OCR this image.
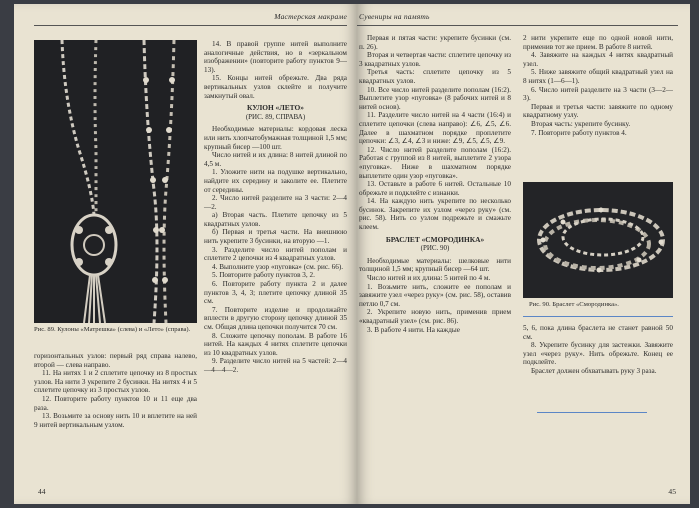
Мастерская макраме
Рис. 89. Кулоны «Матрешка» (слева) и «Лето» (справа).

горизонтальных узлов: первый ряд справа налево, второй — слева направо.

11. На нитях 1 и 2 сплетите цепочку из 8 простых узлов. На нити 3 укрепите 2 бусинки. На нитях 4 и 5 сплетите цепочку из 3 простых узлов.

12. Повторите работу пунктов 10 и 11 еще два раза.

13. Возьмите за основу нить 10 и вплетите на ней 9 нитей вертикальным узлом.

14. В правой группе нитей выполните аналогичные действия, но в «зеркальном изображении» (повторите работу пунктов 9—13).

15. Концы нитей обрежьте. Два ряда вертикальных узлов склейте и получите замкнутый овал.

КУЛОН «ЛЕТО»

(РИС. 89, СПРАВА)

Необходимые материалы: кордовая леска или нить хлопчатобумажная толщиной 1,5 мм; крупный бисер —100 шт.

Число нитей и их длина: 8 нитей длиной по 4,5 м.

1. Уложите нити на подушке вертикально, найдите их середину и заколите ее. Плетите от середины.

2. Число нитей разделите на 3 части: 2—4—2.

а) Вторая часть. Плетите цепочку из 5 квадратных узлов.

б) Первая и третья части. На внешнюю нить укрепите 3 бусинки, на вторую —1.

3. Разделите число нитей пополам и сплетите 2 цепочки из 4 квадратных узлов.

4. Выполните узор «пуговка» (см. рис. 66).

5. Повторите работу пунктов 3, 2.

6. Повторите работу пункта 2 и далее пунктов 3, 4, 3; плетите цепочку длиной 35 см.

7. Повторите изделие и продолжайте вплести в другую сторону цепочку длиной 35 см. Общая длина цепочки получится 70 см.

8. Сложите цепочку пополам. В работе 16 нитей. На каждых 4 нитях сплетите цепочки из 10 квадратных узлов.

9. Разделите число нитей на 5 частей: 2—4—4—4—2.

44
Сувениры на память

Первая и пятая части: укрепите бусинки (см. п. 26).

Вторая и четвертая части: сплетите цепочку из 3 квадратных узлов.

Третья часть: сплетите цепочку из 5 квадратных узлов.

10. Все число нитей разделите пополам (16:2). Выплетите узор «пуговка» (8 рабочих нитей и 8 нитей основ).

11. Разделите число нитей на 4 части (16:4) и сплетите цепочки (слева направо): ∠6, ∠5, ∠6. Далее в шахматном порядке проплетите цепочки: ∠3, ∠4, ∠3 и ниже: ∠9, ∠5, ∠5, ∠9.

12. Число нитей разделите пополам (16:2). Работая с группой из 8 нитей, выплетите 2 узора «пуговка». Ниже в шахматном порядке выплетите один узор «пуговка».

13. Оставьте в работе 6 нитей. Остальные 10 обрежьте и подклейте с изнанки.

14. На каждую нить укрепите по несколько бусинок. Закрепите их узлом «через руку» (см. рис. 58). Нить со узлом подрежьте и смажьте клеем.

БРАСЛЕТ «СМОРОДИНКА»

(РИС. 90)

Необходимые материалы: шелковые нити толщиной 1,5 мм; крупный бисер —64 шт.

Число нитей и их длина: 5 нитей по 4 м.

1. Возьмите нить, сложите ее пополам и завяжите узел «через руку» (см. рис. 58), оставив петлю 0,7 см.

2. Укрепите новую нить, применив прием «квадратный узел» (см. рис. 86).

3. В работе 4 нити. На каждые

2 нити укрепите еще по одной новой нити, применив тот же прием. В работе 8 нитей.

4. Завяжите на каждых 4 нитях квадратный узел.

5. Ниже завяжите общий квадратный узел на 8 нитях (1—6—1).

6. Число нитей разделите на 3 части (3—2—3).

Первая и третья части: завяжите по одному квадратному узлу.

Вторая часть: укрепите бусинку.

7. Повторите работу пунктов 4.

Рис. 90. Браслет «Смородинка».

5, 6, пока длина браслета не станет равной 50 см.

8. Укрепите бусинку для застежки. Завяжите узел «через руку». Нить обрежьте. Конец ее подклейте.

Браслет должен обхватывать руку 3 раза.

45
